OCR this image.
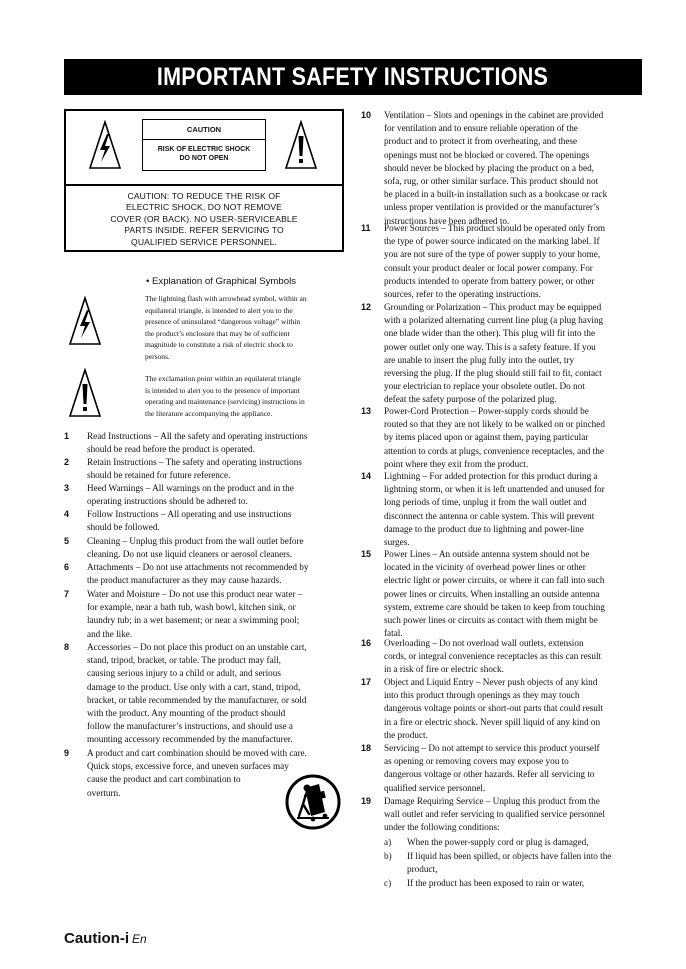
IMPORTANT SAFETY INSTRUCTIONS
CAUTION
RISK OF ELECTRIC SHOCK
DO NOT OPEN
CAUTION: TO REDUCE THE RISK OF
ELECTRIC SHOCK, DO NOT REMOVE
COVER (OR BACK). NO USER-SERVICEABLE
PARTS INSIDE. REFER SERVICING TO
QUALIFIED SERVICE PERSONNEL.
• Explanation of Graphical Symbols
The lightning flash with arrowhead symbol, within an
equilateral triangle, is intended to alert you to the
presence of uninsulated “dangerous voltage” within
the product’s enclosure that may be of sufficient
magnitude to constitute a risk of electric shock to
persons.
The exclamation point within an equilateral triangle
is intended to alert you to the presence of important
operating and maintenance (servicing) instructions in
the literature accompanying the appliance.
1 Read Instructions – All the safety and operating instructions
should be read before the product is operated.
2 Retain Instructions – The safety and operating instructions
should be retained for future reference.
3 Heed Warnings – All warnings on the product and in the
operating instructions should be adhered to.
4 Follow Instructions – All operating and use instructions
should be followed.
5 Cleaning – Unplug this product from the wall outlet before
cleaning. Do not use liquid cleaners or aerosol cleaners.
6 Attachments – Do not use attachments not recommended by
the product manufacturer as they may cause hazards.
7 Water and Moisture – Do not use this product near water –
for example, near a bath tub, wash bowl, kitchen sink, or
laundry tub; in a wet basement; or near a swimming pool;
and the like.
8 Accessories – Do not place this product on an unstable cart,
stand, tripod, bracket, or table. The product may fall,
causing serious injury to a child or adult, and serious
damage to the product. Use only with a cart, stand, tripod,
bracket, or table recommended by the manufacturer, or sold
with the product. Any mounting of the product should
follow the manufacturer’s instructions, and should use a
mounting accessory recommended by the manufacturer.
9 A product and cart combination should be moved with care.
Quick stops, excessive force, and uneven surfaces may
cause the product and cart combination to
overturn.
10 Ventilation – Slots and openings in the cabinet are provided
for ventilation and to ensure reliable operation of the
product and to protect it from overheating, and these
openings must not be blocked or covered. The openings
should never be blocked by placing the product on a bed,
sofa, rug, or other similar surface. This product should not
be placed in a built-in installation such as a bookcase or rack
unless proper ventilation is provided or the manufacturer’s
instructions have been adhered to.
11 Power Sources – This product should be operated only from
the type of power source indicated on the marking label. If
you are not sure of the type of power supply to your home,
consult your product dealer or local power company. For
products intended to operate from battery power, or other
sources, refer to the operating instructions.
12 Grounding or Polarization – This product may be equipped
with a polarized alternating current line plug (a plug having
one blade wider than the other). This plug will fit into the
power outlet only one way. This is a safety feature. If you
are unable to insert the plug fully into the outlet, try
reversing the plug. If the plug should still fail to fit, contact
your electrician to replace your obsolete outlet. Do not
defeat the safety purpose of the polarized plug.
13 Power-Cord Protection – Power-supply cords should be
routed so that they are not likely to be walked on or pinched
by items placed upon or against them, paying particular
attention to cords at plugs, convenience receptacles, and the
point where they exit from the product.
14 Lightning – For added protection for this product during a
lightning storm, or when it is left unattended and unused for
long periods of time, unplug it from the wall outlet and
disconnect the antenna or cable system. This will prevent
damage to the product due to lightning and power-line
surges.
15 Power Lines – An outside antenna system should not be
located in the vicinity of overhead power lines or other
electric light or power circuits, or where it can fall into such
power lines or circuits. When installing an outside antenna
system, extreme care should be taken to keep from touching
such power lines or circuits as contact with them might be
fatal.
16 Overloading – Do not overload wall outlets, extension
cords, or integral convenience receptacles as this can result
in a risk of fire or electric shock.
17 Object and Liquid Entry – Never push objects of any kind
into this product through openings as they may touch
dangerous voltage points or short-out parts that could result
in a fire or electric shock. Never spill liquid of any kind on
the product.
18 Servicing – Do not attempt to service this product yourself
as opening or removing covers may expose you to
dangerous voltage or other hazards. Refer all servicing to
qualified service personnel.
19 Damage Requiring Service – Unplug this product from the
wall outlet and refer servicing to qualified service personnel
under the following conditions:
a) When the power-supply cord or plug is damaged,
b) If liquid has been spilled, or objects have fallen into the
product,
c) If the product has been exposed to rain or water,
Caution-i En
